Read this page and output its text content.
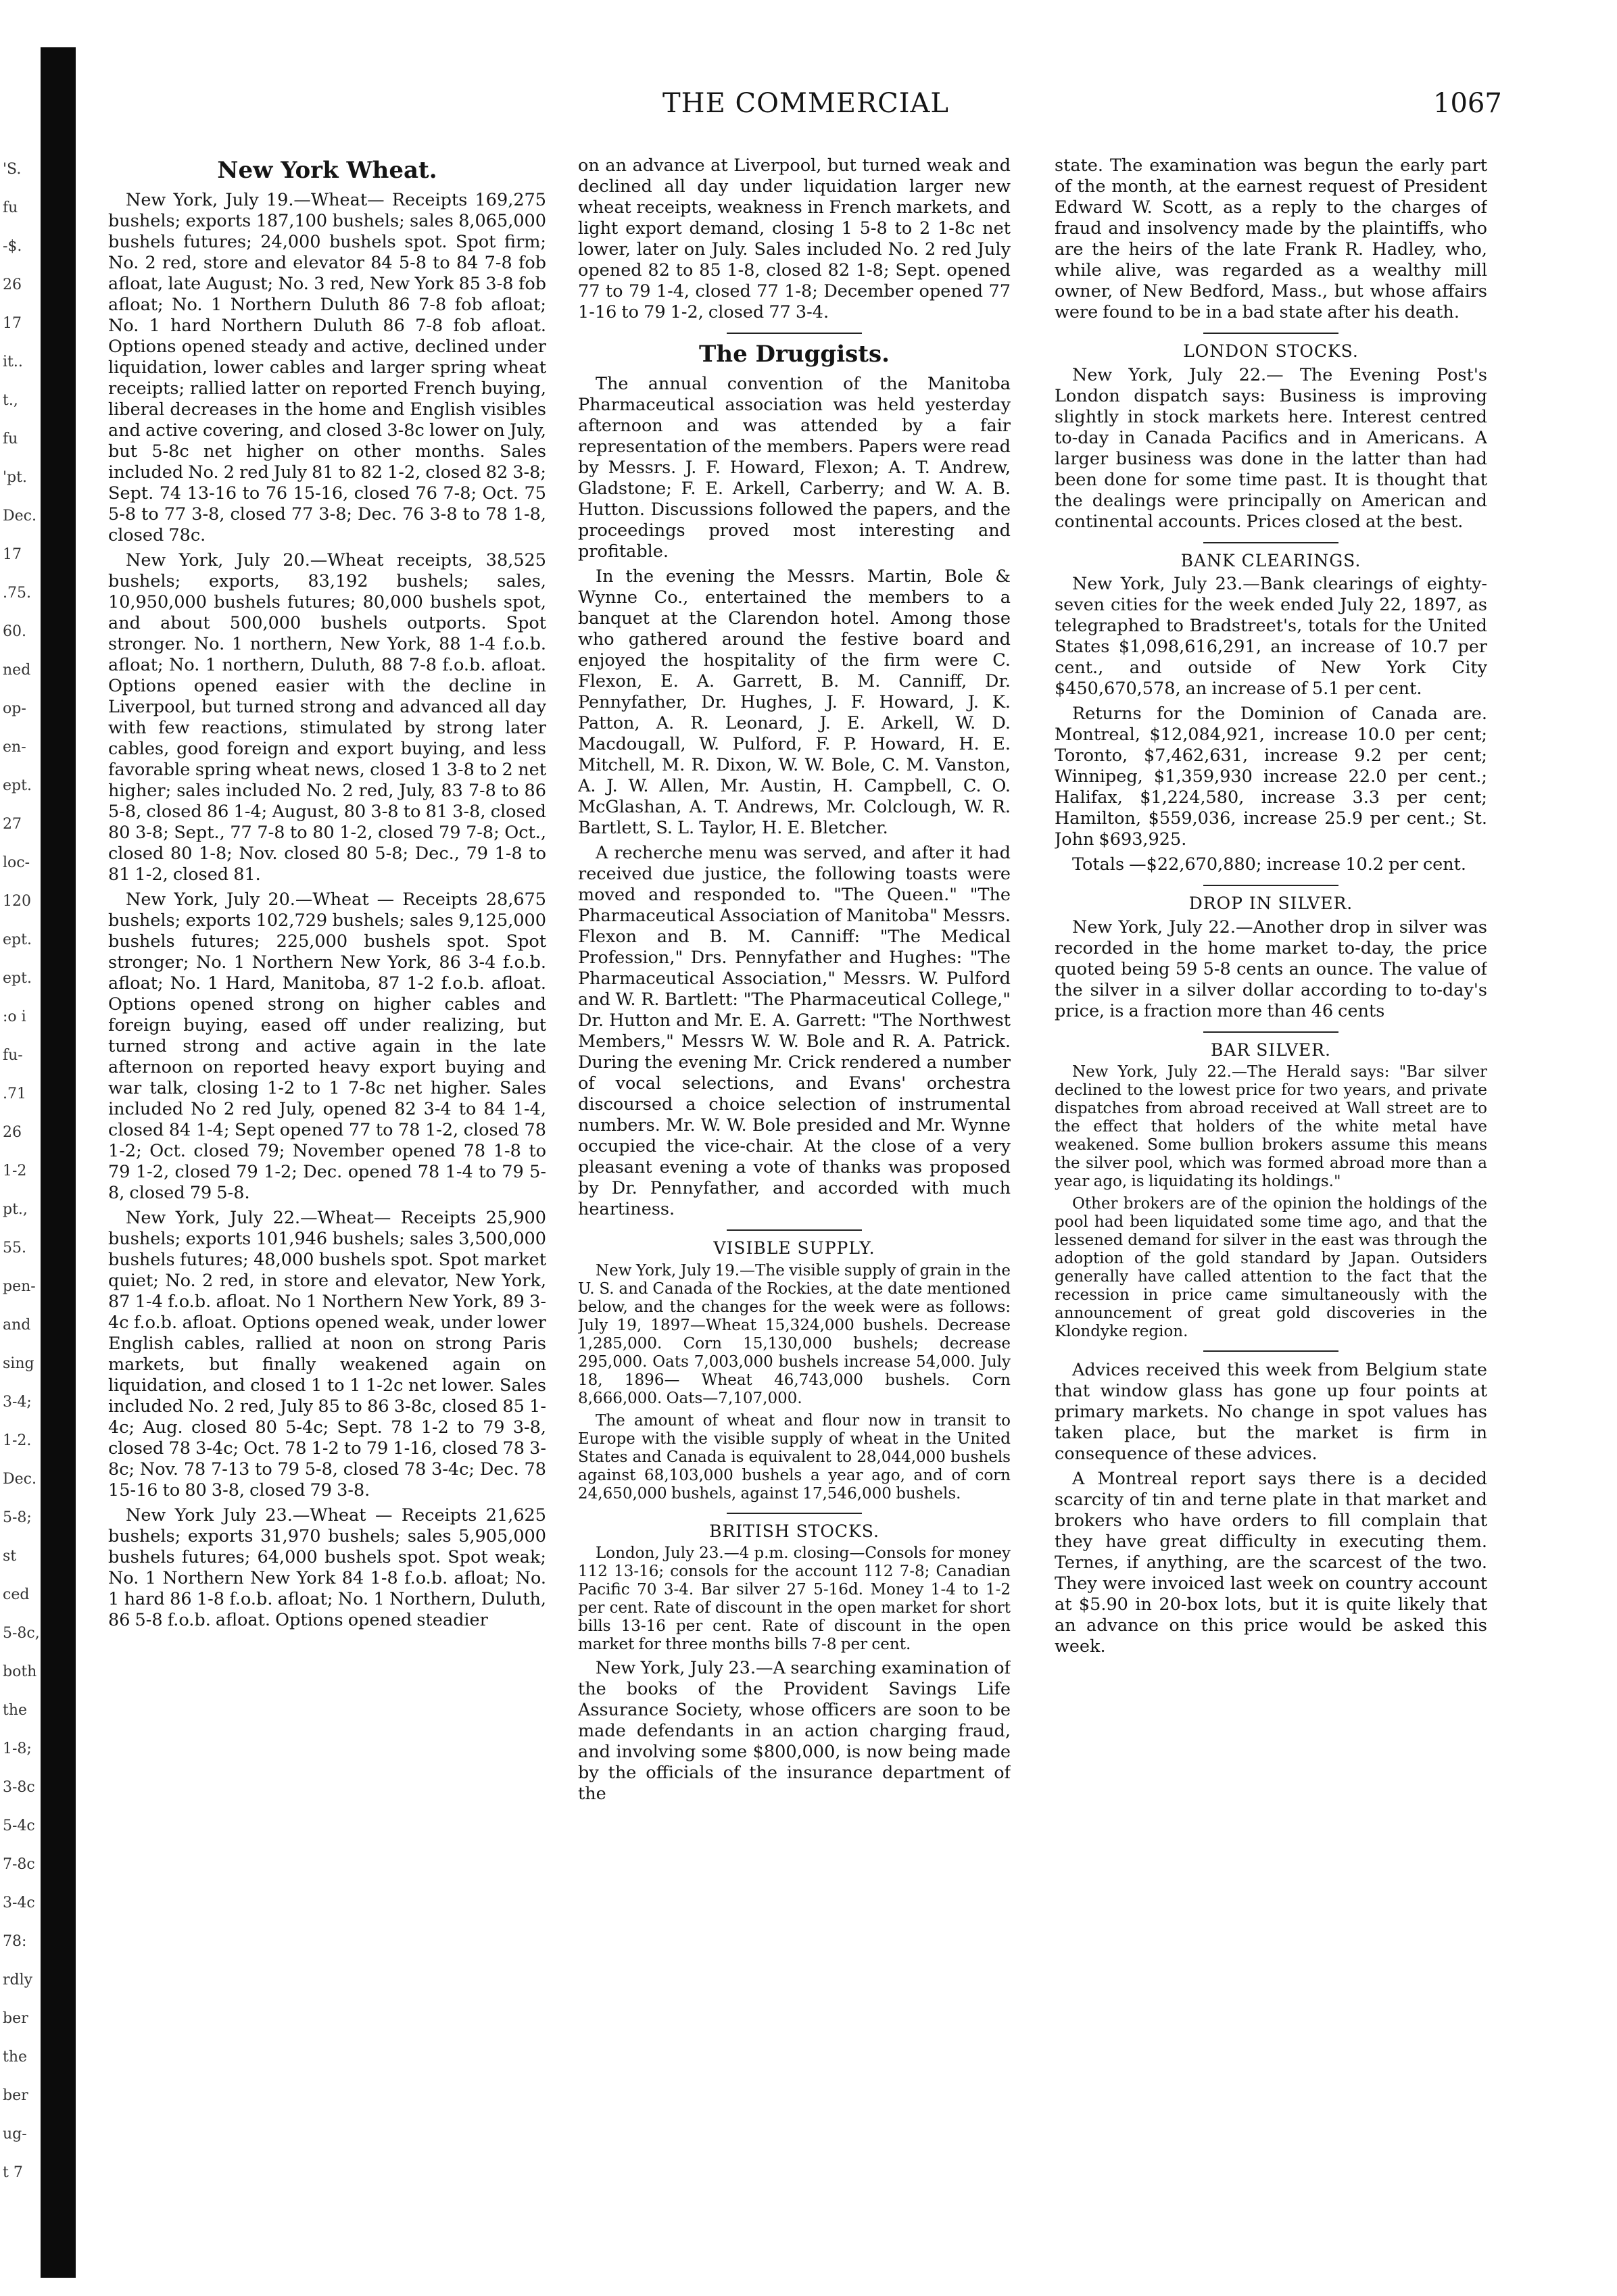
'S.
fu
-$.
26
17
it..
t.,
fu
'pt.
Dec.
17
.75.
60.
ned
op-
en-
ept.
27
loc-
120
ept.
ept.
:o i
fu-
.71
26
1-2
pt.,
55.
pen-
and
sing
3-4;
1-2.
Dec.
5-8;
st
ced
5-8c,
both
the
1-8;
3-8c
5-4c
7-8c
3-4c
78:
rdly
ber
the
ber
ug-
t 7
THE COMMERCIAL	1067
New York Wheat.

New York, July 19.—Wheat— Receipts 169,275 bushels; exports 187,100 bushels; sales 8,065,000 bushels futures; 24,000 bushels spot. Spot firm; No. 2 red, store and elevator 84 5-8 to 84 7-8 fob afloat, late August; No. 3 red, New York 85 3-8 fob afloat; No. 1 Northern Duluth 86 7-8 fob afloat; No. 1 hard Northern Duluth 86 7-8 fob afloat. Options opened steady and active, declined under liquidation, lower cables and larger spring wheat receipts; rallied latter on reported French buying, liberal decreases in the home and English visibles and active covering, and closed 3-8c lower on July, but 5-8c net higher on other months. Sales included No. 2 red July 81 to 82 1-2, closed 82 3-8; Sept. 74 13-16 to 76 15-16, closed 76 7-8; Oct. 75 5-8 to 77 3-8, closed 77 3-8; Dec. 76 3-8 to 78 1-8, closed 78c.

New York, July 20.—Wheat receipts, 38,525 bushels; exports, 83,192 bushels; sales, 10,950,000 bushels futures; 80,000 bushels spot, and about 500,000 bushels outports. Spot stronger. No. 1 northern, New York, 88 1-4 f.o.b. afloat; No. 1 northern, Duluth, 88 7-8 f.o.b. afloat. Options opened easier with the decline in Liverpool, but turned strong and advanced all day with few reactions, stimulated by strong later cables, good foreign and export buying, and less favorable spring wheat news, closed 1 3-8 to 2 net higher; sales included No. 2 red, July, 83 7-8 to 86 5-8, closed 86 1-4; August, 80 3-8 to 81 3-8, closed 80 3-8; Sept., 77 7-8 to 80 1-2, closed 79 7-8; Oct., closed 80 1-8; Nov. closed 80 5-8; Dec., 79 1-8 to 81 1-2, closed 81.

New York, July 20.—Wheat — Receipts 28,675 bushels; exports 102,729 bushels; sales 9,125,000 bushels futures; 225,000 bushels spot. Spot stronger; No. 1 Northern New York, 86 3-4 f.o.b. afloat; No. 1 Hard, Manitoba, 87 1-2 f.o.b. afloat. Options opened strong on higher cables and foreign buying, eased off under realizing, but turned strong and active again in the late afternoon on reported heavy export buying and war talk, closing 1-2 to 1 7-8c net higher. Sales included No 2 red July, opened 82 3-4 to 84 1-4, closed 84 1-4; Sept opened 77 to 78 1-2, closed 78 1-2; Oct. closed 79; November opened 78 1-8 to 79 1-2, closed 79 1-2; Dec. opened 78 1-4 to 79 5-8, closed 79 5-8.

New York, July 22.—Wheat— Receipts 25,900 bushels; exports 101,946 bushels; sales 3,500,000 bushels futures; 48,000 bushels spot. Spot market quiet; No. 2 red, in store and elevator, New York, 87 1-4 f.o.b. afloat. No 1 Northern New York, 89 3-4c f.o.b. afloat. Options opened weak, under lower English cables, rallied at noon on strong Paris markets, but finally weakened again on liquidation, and closed 1 to 1 1-2c net lower. Sales included No. 2 red, July 85 to 86 3-8c, closed 85 1-4c; Aug. closed 80 5-4c; Sept. 78 1-2 to 79 3-8, closed 78 3-4c; Oct. 78 1-2 to 79 1-16, closed 78 3-8c; Nov. 78 7-13 to 79 5-8, closed 78 3-4c; Dec. 78 15-16 to 80 3-8, closed 79 3-8.

New York July 23.—Wheat — Receipts 21,625 bushels; exports 31,970 bushels; sales 5,905,000 bushels futures; 64,000 bushels spot. Spot weak; No. 1 Northern New York 84 1-8 f.o.b. afloat; No. 1 hard 86 1-8 f.o.b. afloat; No. 1 Northern, Duluth, 86 5-8 f.o.b. afloat. Options opened steadier

on an advance at Liverpool, but turned weak and declined all day under liquidation larger new wheat receipts, weakness in French markets, and light export demand, closing 1 5-8 to 2 1-8c net lower, later on July. Sales included No. 2 red July opened 82 to 85 1-8, closed 82 1-8; Sept. opened 77 to 79 1-4, closed 77 1-8; December opened 77 1-16 to 79 1-2, closed 77 3-4.

The Druggists.

The annual convention of the Manitoba Pharmaceutical association was held yesterday afternoon and was attended by a fair representation of the members. Papers were read by Messrs. J. F. Howard, Flexon; A. T. Andrew, Gladstone; F. E. Arkell, Carberry; and W. A. B. Hutton. Discussions followed the papers, and the proceedings proved most interesting and profitable.

In the evening the Messrs. Martin, Bole & Wynne Co., entertained the members to a banquet at the Clarendon hotel. Among those who gathered around the festive board and enjoyed the hospitality of the firm were C. Flexon, E. A. Garrett, B. M. Canniff, Dr. Pennyfather, Dr. Hughes, J. F. Howard, J. K. Patton, A. R. Leonard, J. E. Arkell, W. D. Macdougall, W. Pulford, F. P. Howard, H. E. Mitchell, M. R. Dixon, W. W. Bole, C. M. Vanston, A. J. W. Allen, Mr. Austin, H. Campbell, C. O. McGlashan, A. T. Andrews, Mr. Colclough, W. R. Bartlett, S. L. Taylor, H. E. Bletcher.

A recherche menu was served, and after it had received due justice, the following toasts were moved and responded to. "The Queen." "The Pharmaceutical Association of Manitoba" Messrs. Flexon and B. M. Canniff: "The Medical Profession," Drs. Pennyfather and Hughes: "The Pharmaceutical Association," Messrs. W. Pulford and W. R. Bartlett: "The Pharmaceutical College," Dr. Hutton and Mr. E. A. Garrett: "The Northwest Members," Messrs W. W. Bole and R. A. Patrick. During the evening Mr. Crick rendered a number of vocal selections, and Evans' orchestra discoursed a choice selection of instrumental numbers. Mr. W. W. Bole presided and Mr. Wynne occupied the vice-chair. At the close of a very pleasant evening a vote of thanks was proposed by Dr. Pennyfather, and accorded with much heartiness.

VISIBLE SUPPLY.

New York, July 19.—The visible supply of grain in the U. S. and Canada of the Rockies, at the date mentioned below, and the changes for the week were as follows: July 19, 1897—Wheat 15,324,000 bushels. Decrease 1,285,000. Corn 15,130,000 bushels; decrease 295,000. Oats 7,003,000 bushels increase 54,000. July 18, 1896— Wheat 46,743,000 bushels. Corn 8,666,000. Oats—7,107,000.

The amount of wheat and flour now in transit to Europe with the visible supply of wheat in the United States and Canada is equivalent to 28,044,000 bushels against 68,103,000 bushels a year ago, and of corn 24,650,000 bushels, against 17,546,000 bushels.

BRITISH STOCKS.

London, July 23.—4 p.m. closing—Consols for money 112 13-16; consols for the account 112 7-8; Canadian Pacific 70 3-4. Bar silver 27 5-16d. Money 1-4 to 1-2 per cent. Rate of discount in the open market for short bills 13-16 per cent. Rate of discount in the open market for three months bills 7-8 per cent.

New York, July 23.—A searching examination of the books of the Provident Savings Life Assurance Society, whose officers are soon to be made defendants in an action charging fraud, and involving some $800,000, is now being made by the officials of the insurance department of the

state. The examination was begun the early part of the month, at the earnest request of President Edward W. Scott, as a reply to the charges of fraud and insolvency made by the plaintiffs, who are the heirs of the late Frank R. Hadley, who, while alive, was regarded as a wealthy mill owner, of New Bedford, Mass., but whose affairs were found to be in a bad state after his death.

LONDON STOCKS.

New York, July 22.— The Evening Post's London dispatch says: Business is improving slightly in stock markets here. Interest centred to-day in Canada Pacifics and in Americans. A larger business was done in the latter than had been done for some time past. It is thought that the dealings were principally on American and continental accounts. Prices closed at the best.

BANK CLEARINGS.

New York, July 23.—Bank clearings of eighty-seven cities for the week ended July 22, 1897, as telegraphed to Bradstreet's, totals for the United States $1,098,616,291, an increase of 10.7 per cent., and outside of New York City $450,670,578, an increase of 5.1 per cent.

Returns for the Dominion of Canada are. Montreal, $12,084,921, increase 10.0 per cent; Toronto, $7,462,631, increase 9.2 per cent; Winnipeg, $1,359,930 increase 22.0 per cent.; Halifax, $1,224,580, increase 3.3 per cent; Hamilton, $559,036, increase 25.9 per cent.; St. John $693,925.

Totals —$22,670,880; increase 10.2 per cent.

DROP IN SILVER.

New York, July 22.—Another drop in silver was recorded in the home market to-day, the price quoted being 59 5-8 cents an ounce. The value of the silver in a silver dollar according to to-day's price, is a fraction more than 46 cents

BAR SILVER.

New York, July 22.—The Herald says: "Bar silver declined to the lowest price for two years, and private dispatches from abroad received at Wall street are to the effect that holders of the white metal have weakened. Some bullion brokers assume this means the silver pool, which was formed abroad more than a year ago, is liquidating its holdings."

Other brokers are of the opinion the holdings of the pool had been liquidated some time ago, and that the lessened demand for silver in the east was through the adoption of the gold standard by Japan. Outsiders generally have called attention to the fact that the recession in price came simultaneously with the announcement of great gold discoveries in the Klondyke region.

Advices received this week from Belgium state that window glass has gone up four points at primary markets. No change in spot values has taken place, but the market is firm in consequence of these advices.

A Montreal report says there is a decided scarcity of tin and terne plate in that market and brokers who have orders to fill complain that they have great difficulty in executing them. Ternes, if anything, are the scarcest of the two. They were invoiced last week on country account at $5.90 in 20-box lots, but it is quite likely that an advance on this price would be asked this week.
